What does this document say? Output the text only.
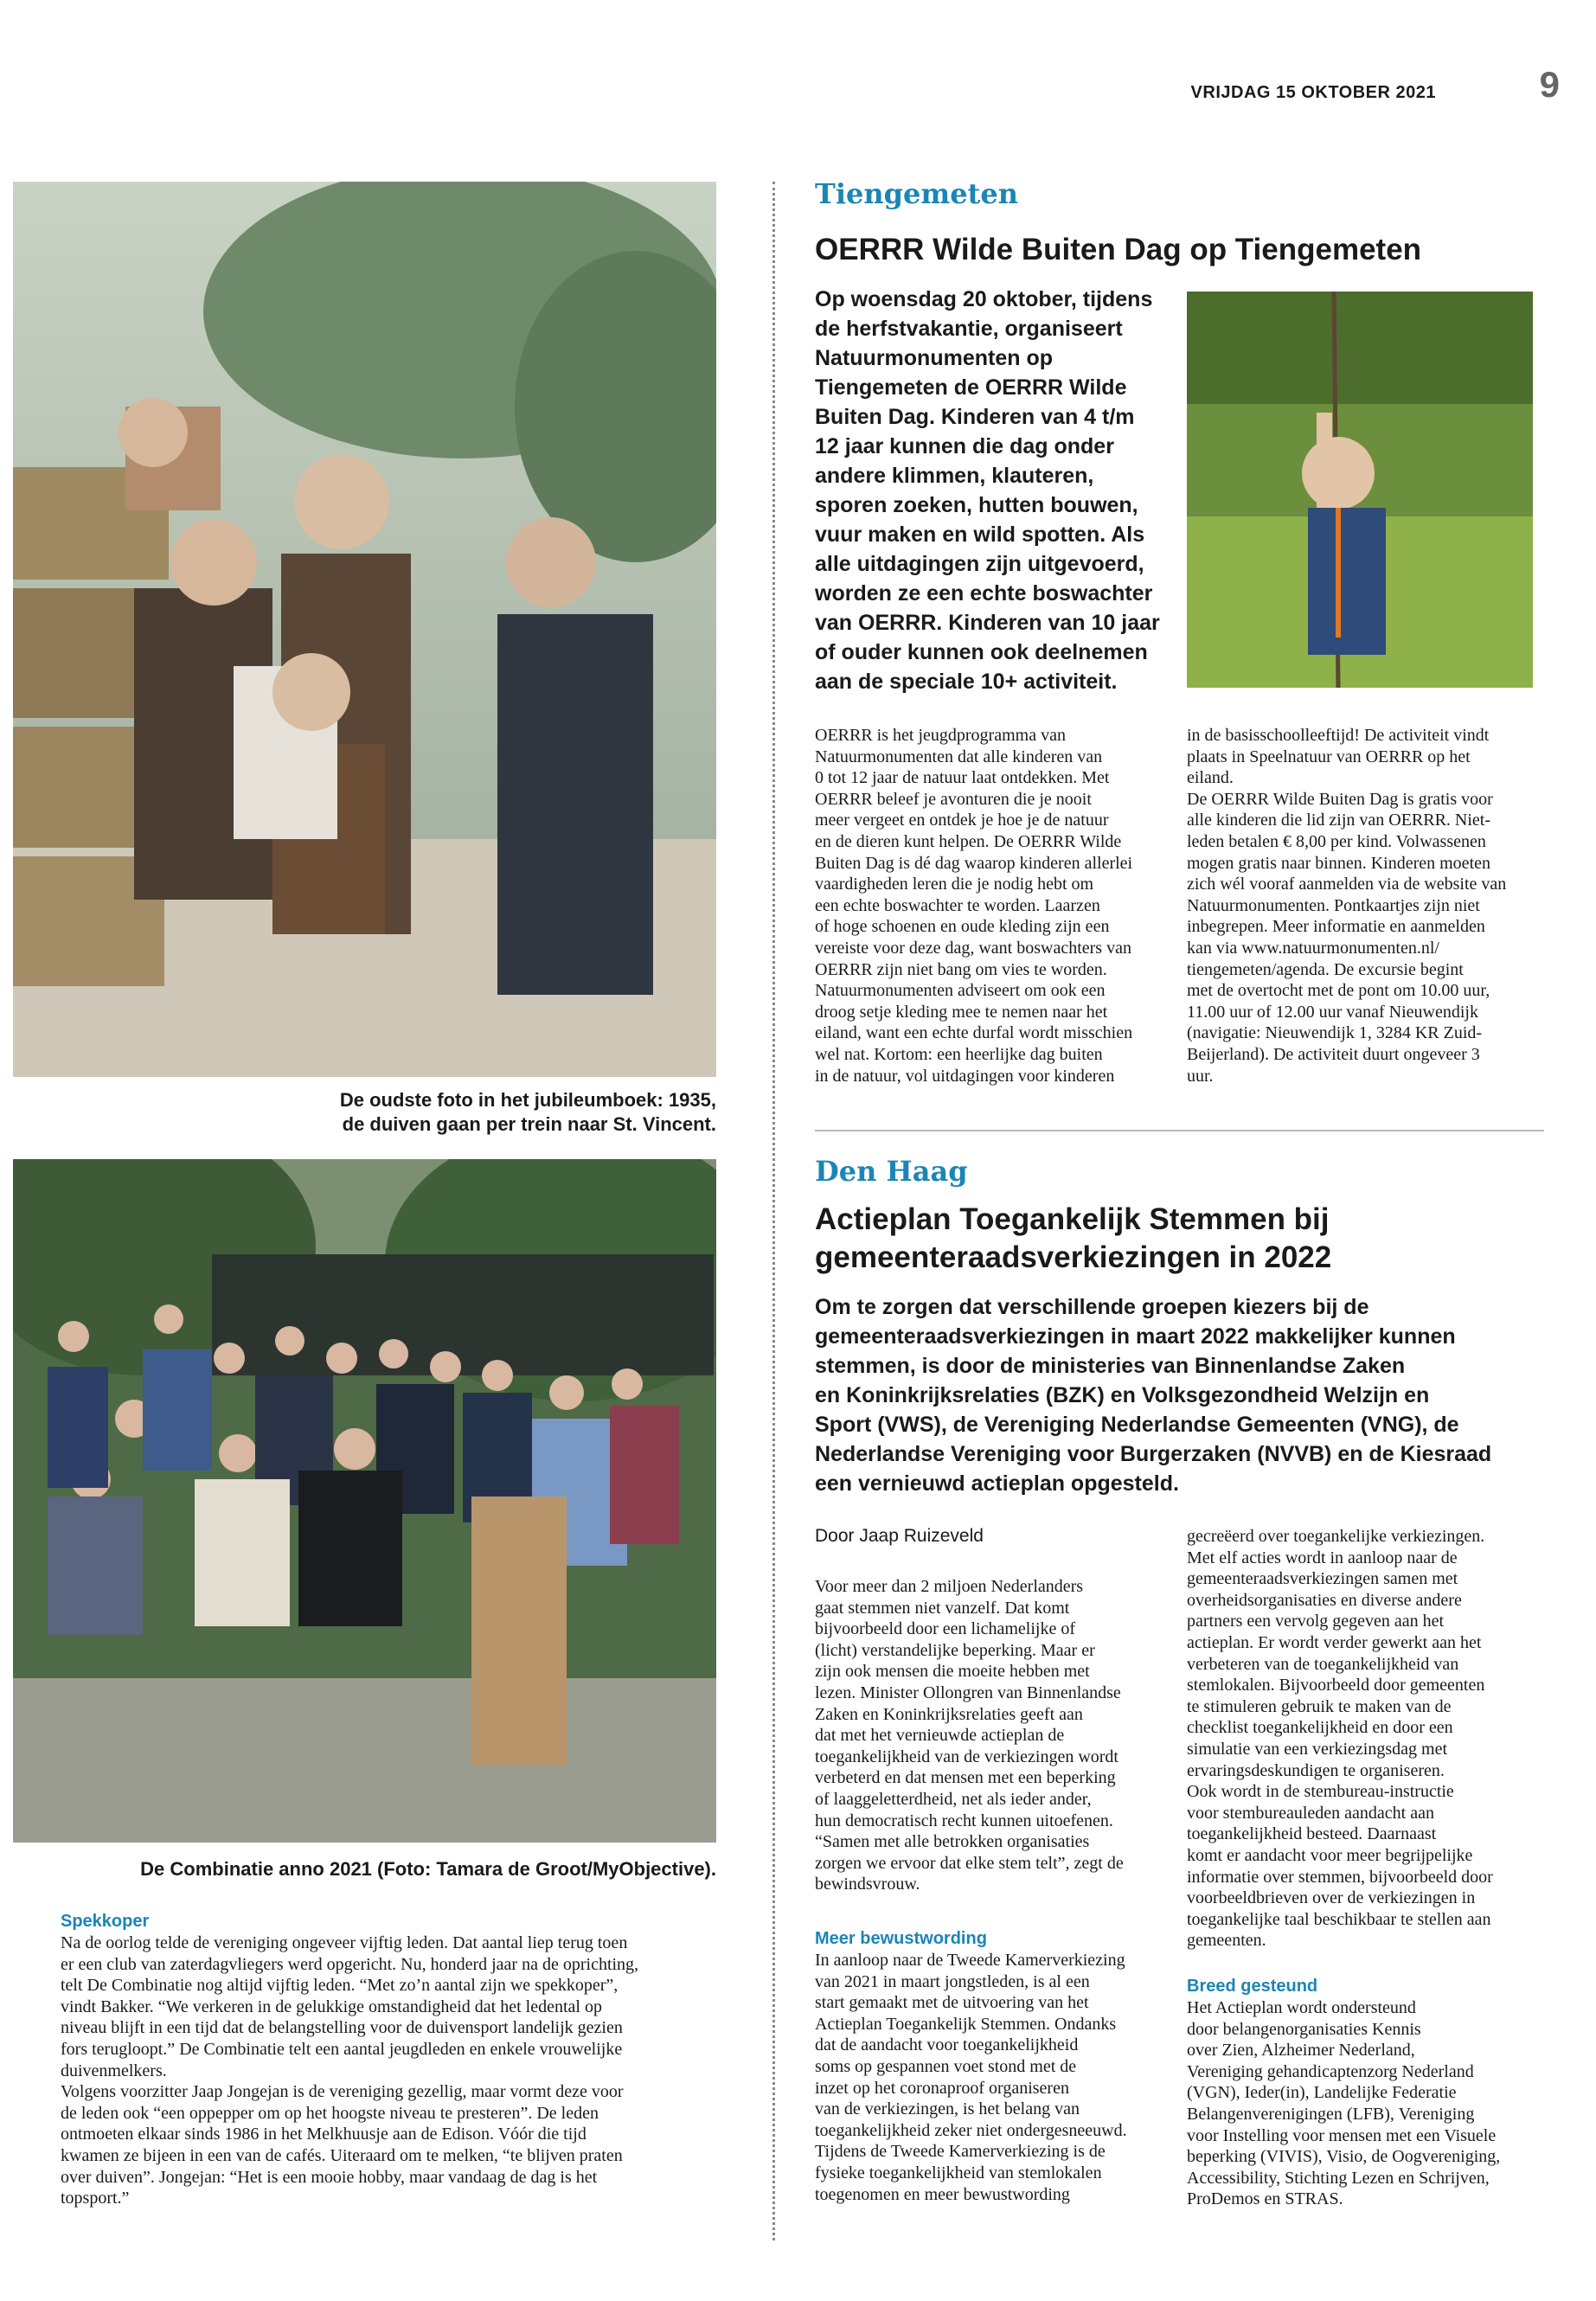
VRIJDAG 15 OKTOBER 2021	9
De oudste foto in het jubileumboek: 1935,
de duiven gaan per trein naar St. Vincent.
De Combinatie anno 2021 (Foto: Tamara de Groot/MyObjective).
Spekkoper
Na de oorlog telde de vereniging ongeveer vijftig leden. Dat aantal liep terug toen
er een club van zaterdagvliegers werd opgericht. Nu, honderd jaar na de oprichting,
telt De Combinatie nog altijd vijftig leden. “Met zo’n aantal zijn we spekkoper”,
vindt Bakker. “We verkeren in de gelukkige omstandigheid dat het ledental op
niveau blijft in een tijd dat de belangstelling voor de duivensport landelijk gezien
fors terugloopt.” De Combinatie telt een aantal jeugdleden en enkele vrouwelijke
duivenmelkers.
Volgens voorzitter Jaap Jongejan is de vereniging gezellig, maar vormt deze voor
de leden ook “een oppepper om op het hoogste niveau te presteren”. De leden
ontmoeten elkaar sinds 1986 in het Melkhuusje aan de Edison. Vóór die tijd
kwamen ze bijeen in een van de cafés. Uiteraard om te melken, “te blijven praten
over duiven”. Jongejan: “Het is een mooie hobby, maar vandaag de dag is het
topsport.”
Tiengemeten
OERRR Wilde Buiten Dag op Tiengemeten
Op woensdag 20 oktober, tijdens
de herfstvakantie, organiseert
Natuurmonumenten op
Tiengemeten de OERRR Wilde
Buiten Dag. Kinderen van 4 t/m
12 jaar kunnen die dag onder
andere klimmen, klauteren,
sporen zoeken, hutten bouwen,
vuur maken en wild spotten. Als
alle uitdagingen zijn uitgevoerd,
worden ze een echte boswachter
van OERRR. Kinderen van 10 jaar
of ouder kunnen ook deelnemen
aan de speciale 10+ activiteit.
OERRR is het jeugdprogramma van
Natuurmonumenten dat alle kinderen van
0 tot 12 jaar de natuur laat ontdekken. Met
OERRR beleef je avonturen die je nooit
meer vergeet en ontdek je hoe je de natuur
en de dieren kunt helpen. De OERRR Wilde
Buiten Dag is dé dag waarop kinderen allerlei
vaardigheden leren die je nodig hebt om
een echte boswachter te worden. Laarzen
of hoge schoenen en oude kleding zijn een
vereiste voor deze dag, want boswachters van
OERRR zijn niet bang om vies te worden.
Natuurmonumenten adviseert om ook een
droog setje kleding mee te nemen naar het
eiland, want een echte durfal wordt misschien
wel nat. Kortom: een heerlijke dag buiten
in de natuur, vol uitdagingen voor kinderen
in de basisschoolleeftijd! De activiteit vindt
plaats in Speelnatuur van OERRR op het
eiland.
De OERRR Wilde Buiten Dag is gratis voor
alle kinderen die lid zijn van OERRR. Niet-
leden betalen € 8,00 per kind. Volwassenen
mogen gratis naar binnen. Kinderen moeten
zich wél vooraf aanmelden via de website van
Natuurmonumenten. Pontkaartjes zijn niet
inbegrepen. Meer informatie en aanmelden
kan via www.natuurmonumenten.nl/
tiengemeten/agenda. De excursie begint
met de overtocht met de pont om 10.00 uur,
11.00 uur of 12.00 uur vanaf Nieuwendijk
(navigatie: Nieuwendijk 1, 3284 KR Zuid-
Beijerland). De activiteit duurt ongeveer 3
uur.
Den Haag
Actieplan Toegankelijk Stemmen bij
gemeenteraadsverkiezingen in 2022
Om te zorgen dat verschillende groepen kiezers bij de
gemeenteraadsverkiezingen in maart 2022 makkelijker kunnen
stemmen, is door de ministeries van Binnenlandse Zaken
en Koninkrijksrelaties (BZK) en Volksgezondheid Welzijn en
Sport (VWS), de Vereniging Nederlandse Gemeenten (VNG), de
Nederlandse Vereniging voor Burgerzaken (NVVB) en de Kiesraad
een vernieuwd actieplan opgesteld.
Door Jaap Ruizeveld
Voor meer dan 2 miljoen Nederlanders
gaat stemmen niet vanzelf. Dat komt
bijvoorbeeld door een lichamelijke of
(licht) verstandelijke beperking. Maar er
zijn ook mensen die moeite hebben met
lezen. Minister Ollongren van Binnenlandse
Zaken en Koninkrijksrelaties geeft aan
dat met het vernieuwde actieplan de
toegankelijkheid van de verkiezingen wordt
verbeterd en dat mensen met een beperking
of laaggeletterdheid, net als ieder ander,
hun democratisch recht kunnen uitoefenen.
“Samen met alle betrokken organisaties
zorgen we ervoor dat elke stem telt”, zegt de
bewindsvrouw.
Meer bewustwording
In aanloop naar de Tweede Kamerverkiezing
van 2021 in maart jongstleden, is al een
start gemaakt met de uitvoering van het
Actieplan Toegankelijk Stemmen. Ondanks
dat de aandacht voor toegankelijkheid
soms op gespannen voet stond met de
inzet op het coronaproof organiseren
van de verkiezingen, is het belang van
toegankelijkheid zeker niet ondergesneeuwd.
Tijdens de Tweede Kamerverkiezing is de
fysieke toegankelijkheid van stemlokalen
toegenomen en meer bewustwording
gecreëerd over toegankelijke verkiezingen.
Met elf acties wordt in aanloop naar de
gemeenteraadsverkiezingen samen met
overheidsorganisaties en diverse andere
partners een vervolg gegeven aan het
actieplan. Er wordt verder gewerkt aan het
verbeteren van de toegankelijkheid van
stemlokalen. Bijvoorbeeld door gemeenten
te stimuleren gebruik te maken van de
checklist toegankelijkheid en door een
simulatie van een verkiezingsdag met
ervaringsdeskundigen te organiseren.
Ook wordt in de stembureau-instructie
voor stembureauleden aandacht aan
toegankelijkheid besteed. Daarnaast
komt er aandacht voor meer begrijpelijke
informatie over stemmen, bijvoorbeeld door
voorbeeldbrieven over de verkiezingen in
toegankelijke taal beschikbaar te stellen aan
gemeenten.
Breed gesteund
Het Actieplan wordt ondersteund
door belangenorganisaties Kennis
over Zien, Alzheimer Nederland,
Vereniging gehandicaptenzorg Nederland
(VGN), Ieder(in), Landelijke Federatie
Belangenverenigingen (LFB), Vereniging
voor Instelling voor mensen met een Visuele
beperking (VIVIS), Visio, de Oogvereniging,
Accessibility, Stichting Lezen en Schrijven,
ProDemos en STRAS.
